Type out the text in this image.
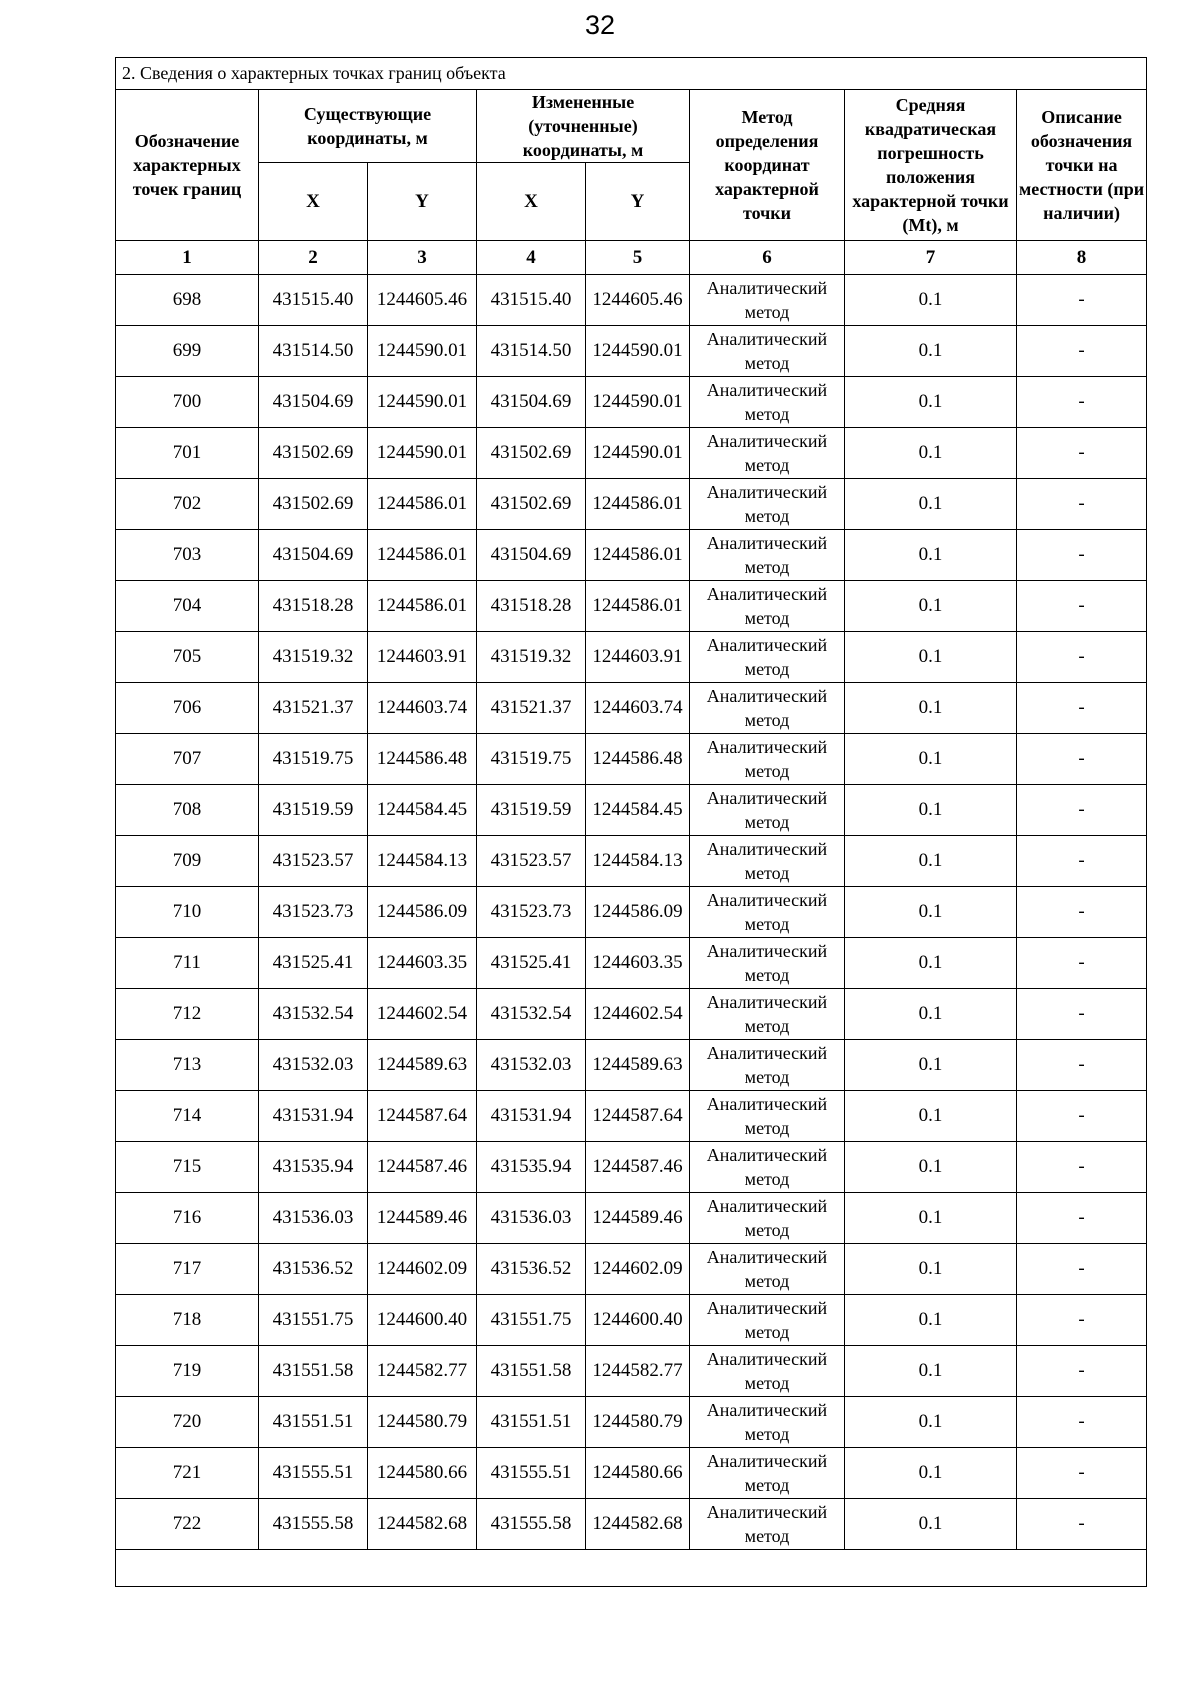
32
2. Сведения о характерных точках границ объекта							
Обозначение характерных точек границ	Существующие координаты, м		Измененные (уточненные) координаты, м		Метод определения координат характерной точки	Средняя квадратическая погрешность положения характерной точки (Mt), м	Описание обозначения точки на местности (при наличии)
	X	Y	X	Y			
1	2	3	4	5	6	7	8
698	431515.40	1244605.46	431515.40	1244605.46	Аналитический метод	0.1	-
699	431514.50	1244590.01	431514.50	1244590.01	Аналитический метод	0.1	-
700	431504.69	1244590.01	431504.69	1244590.01	Аналитический метод	0.1	-
701	431502.69	1244590.01	431502.69	1244590.01	Аналитический метод	0.1	-
702	431502.69	1244586.01	431502.69	1244586.01	Аналитический метод	0.1	-
703	431504.69	1244586.01	431504.69	1244586.01	Аналитический метод	0.1	-
704	431518.28	1244586.01	431518.28	1244586.01	Аналитический метод	0.1	-
705	431519.32	1244603.91	431519.32	1244603.91	Аналитический метод	0.1	-
706	431521.37	1244603.74	431521.37	1244603.74	Аналитический метод	0.1	-
707	431519.75	1244586.48	431519.75	1244586.48	Аналитический метод	0.1	-
708	431519.59	1244584.45	431519.59	1244584.45	Аналитический метод	0.1	-
709	431523.57	1244584.13	431523.57	1244584.13	Аналитический метод	0.1	-
710	431523.73	1244586.09	431523.73	1244586.09	Аналитический метод	0.1	-
711	431525.41	1244603.35	431525.41	1244603.35	Аналитический метод	0.1	-
712	431532.54	1244602.54	431532.54	1244602.54	Аналитический метод	0.1	-
713	431532.03	1244589.63	431532.03	1244589.63	Аналитический метод	0.1	-
714	431531.94	1244587.64	431531.94	1244587.64	Аналитический метод	0.1	-
715	431535.94	1244587.46	431535.94	1244587.46	Аналитический метод	0.1	-
716	431536.03	1244589.46	431536.03	1244589.46	Аналитический метод	0.1	-
717	431536.52	1244602.09	431536.52	1244602.09	Аналитический метод	0.1	-
718	431551.75	1244600.40	431551.75	1244600.40	Аналитический метод	0.1	-
719	431551.58	1244582.77	431551.58	1244582.77	Аналитический метод	0.1	-
720	431551.51	1244580.79	431551.51	1244580.79	Аналитический метод	0.1	-
721	431555.51	1244580.66	431555.51	1244580.66	Аналитический метод	0.1	-
722	431555.58	1244582.68	431555.58	1244582.68	Аналитический метод	0.1	-
